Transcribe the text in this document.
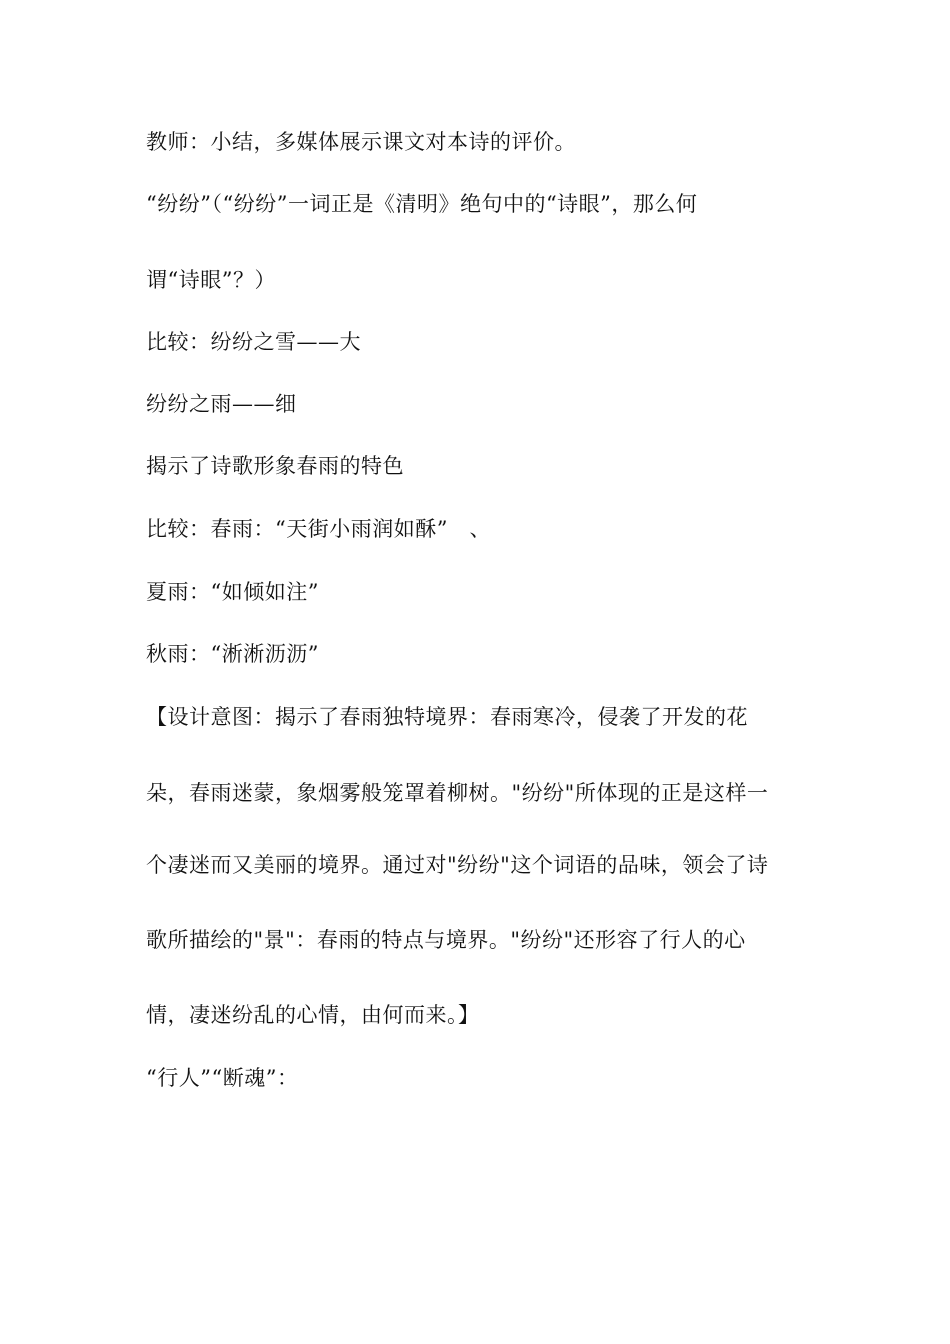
教师：小结，多媒体展示课文对本诗的评价。
“纷纷”（“纷纷”一词正是《清明》绝句中的“诗眼”，那么何
谓“诗眼”？）
比较：纷纷之雪——大
纷纷之雨——细
揭示了诗歌形象春雨的特色
比较：春雨：“天街小雨润如酥”　、
夏雨：“如倾如注”
秋雨：“淅淅沥沥”
【设计意图：揭示了春雨独特境界：春雨寒冷，侵袭了开发的花
朵，春雨迷蒙，象烟雾般笼罩着柳树。"纷纷"所体现的正是这样一
个凄迷而又美丽的境界。通过对"纷纷"这个词语的品味，领会了诗
歌所描绘的"景"：春雨的特点与境界。"纷纷"还形容了行人的心
情，凄迷纷乱的心情，由何而来。】
“行人”“断魂”：
